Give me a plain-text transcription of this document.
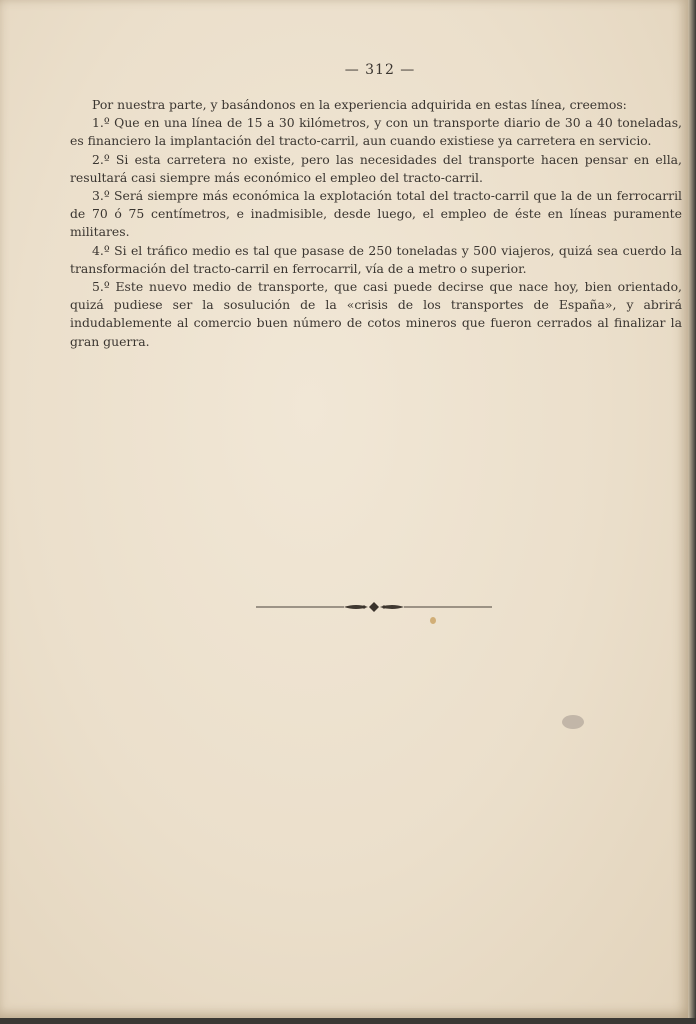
— 312 —

Por nuestra parte, y basándonos en la experiencia adquirida en estas línea, creemos:

1.º Que en una línea de 15 a 30 kilómetros, y con un transporte diario de 30 a 40 toneladas, es financiero la implantación del tracto-carril, aun cuando existiese ya carretera en servicio.

2.º Si esta carretera no existe, pero las necesidades del transporte hacen pensar en ella, resultará casi siempre más económico el empleo del tracto-carril.

3.º Será siempre más económica la explotación total del tracto-carril que la de un ferrocarril de 70 ó 75 centímetros, e inadmisible, desde luego, el empleo de éste en líneas puramente militares.

4.º Si el tráfico medio es tal que pasase de 250 toneladas y 500 viajeros, quizá sea cuerdo la transformación del tracto-carril en ferrocarril, vía de a metro o superior.

5.º Este nuevo medio de transporte, que casi puede decirse que nace hoy, bien orientado, quizá pudiese ser la sosulución de la «crisis de los transportes de España», y abrirá indudablemente al comercio buen número de cotos mineros que fueron cerrados al finalizar la gran guerra.
